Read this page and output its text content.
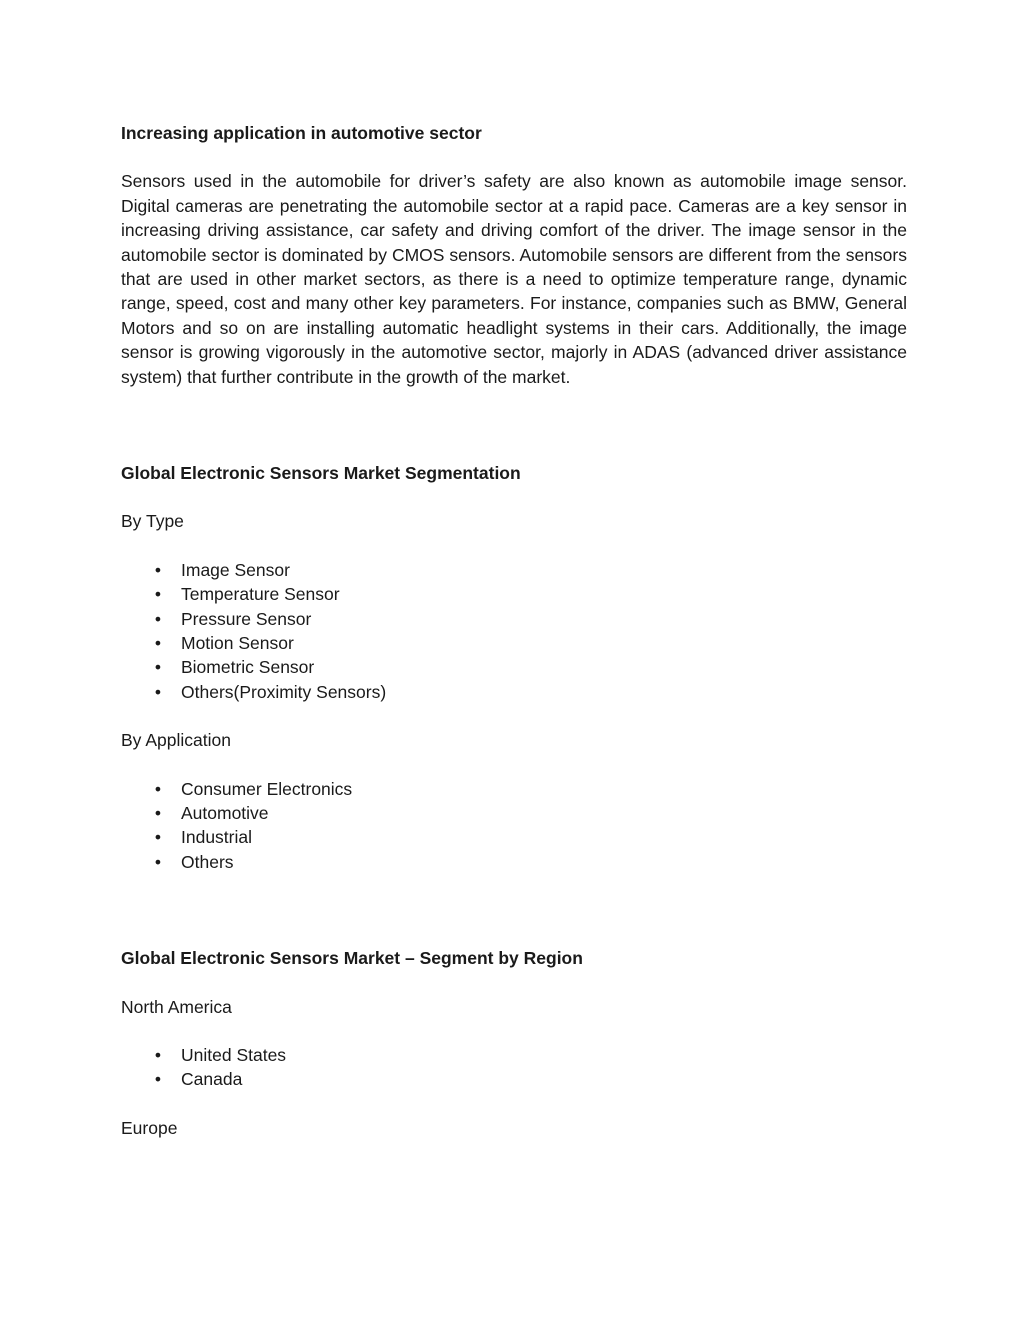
Increasing application in automotive sector

Sensors used in the automobile for driver’s safety are also known as automobile image sensor. Digital cameras are penetrating the automobile sector at a rapid pace. Cameras are a key sensor in increasing driving assistance, car safety and driving comfort of the driver. The image sensor in the automobile sector is dominated by CMOS sensors. Automobile sensors are different from the sensors that are used in other market sectors, as there is a need to optimize temperature range, dynamic range, speed, cost and many other key parameters. For instance, companies such as BMW, General Motors and so on are installing automatic headlight systems in their cars. Additionally, the image sensor is growing vigorously in the automotive sector, majorly in ADAS (advanced driver assistance system) that further contribute in the growth of the market.

Global Electronic Sensors Market Segmentation

By Type

• Image Sensor
• Temperature Sensor
• Pressure Sensor
• Motion Sensor
• Biometric Sensor
• Others(Proximity Sensors)

By Application

• Consumer Electronics
• Automotive
• Industrial
• Others
Global Electronic Sensors Market – Segment by Region

North America

• United States
• Canada

Europe
